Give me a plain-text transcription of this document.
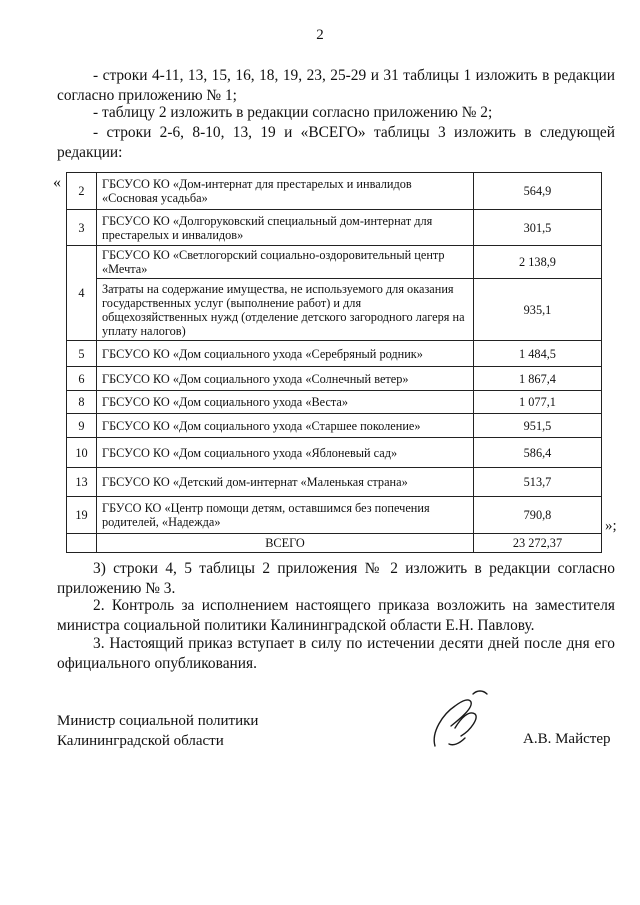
2

- строки 4-11, 13, 15, 16, 18, 19, 23, 25-29 и 31 таблицы 1 изложить в редакции согласно приложению № 1;

- таблицу 2 изложить в редакции согласно приложению № 2;

- строки 2-6, 8-10, 13, 19 и «ВСЕГО» таблицы 3 изложить в следующей редакции:

« 2	ГБСУСО КО «Дом-интернат для престарелых и инвалидов «Сосновая усадьба»	564,9
3	ГБСУСО КО «Долгоруковский специальный дом-интернат для престарелых и инвалидов»	301,5
4	ГБСУСО КО «Светлогорский социально-оздоровительный центр «Мечта»	2 138,9
	Затраты на содержание имущества, не используемого для оказания государственных услуг (выполнение работ) и для общехозяйственных нужд (отделение детского загородного лагеря на уплату налогов)	935,1
5	ГБСУСО КО «Дом социального ухода «Серебряный родник»	1 484,5
6	ГБСУСО КО «Дом социального ухода «Солнечный ветер»	1 867,4
8	ГБСУСО КО «Дом социального ухода «Веста»	1 077,1
9	ГБСУСО КО «Дом социального ухода «Старшее поколение»	951,5
10	ГБСУСО КО «Дом социального ухода «Яблоневый сад»	586,4
13	ГБСУСО КО «Детский дом-интернат «Маленькая страна»	513,7
19	ГБУСО КО «Центр помощи детям, оставшимся без попечения родителей, «Надежда»	790,8
	ВСЕГО	23 272,37
»;

3) строки 4, 5 таблицы 2 приложения № 2 изложить в редакции согласно приложению № 3.

2. Контроль за исполнением настоящего приказа возложить на заместителя министра социальной политики Калининградской области Е.Н. Павлову.

3. Настоящий приказ вступает в силу по истечении десяти дней после дня его официального опубликования.

Министр социальной политики
Калининградской области	А.В. Майстер
